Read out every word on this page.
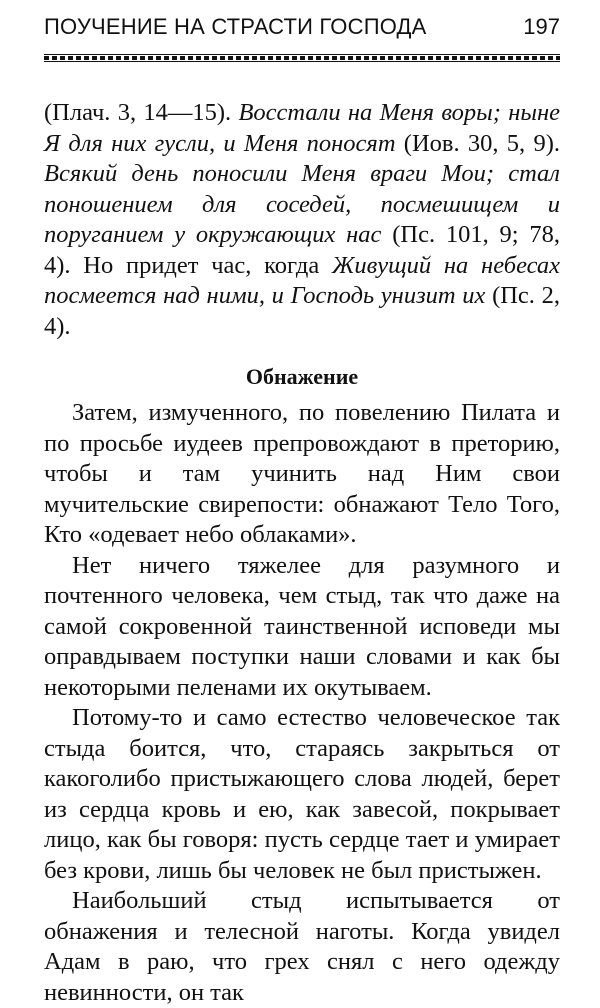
ПОУЧЕНИЕ НА СТРАСТИ ГОСПОДА	197
(Плач. 3, 14—15). Восстали на Меня воры; ныне Я для них гусли, и Меня поносят (Иов. 30, 5, 9). Всякий день поносили Меня враги Мои; стал поношением для соседей, посмешищем и поруганием у окружающих нас (Пс. 101, 9; 78, 4). Но придет час, когда Живущий на небесах посмеется над ними, и Господь унизит их (Пс. 2, 4).
Обнажение

Затем, измученного, по повелению Пилата и по просьбе иудеев препровождают в преторию, чтобы и там учинить над Ним свои мучительские свирепости: обнажают Тело Того, Кто «одевает небо облаками».

Нет ничего тяжелее для разумного и почтенного человека, чем стыд, так что даже на самой сокровенной таинственной исповеди мы оправдываем поступки наши словами и как бы некоторыми пеленами их окутываем.

Потому-то и само естество человеческое так стыда боится, что, стараясь закрыться от какоголибо пристыжающего слова людей, берет из сердца кровь и ею, как завесой, покрывает лицо, как бы говоря: пусть сердце тает и умирает без крови, лишь бы человек не был пристыжен.

Наибольший стыд испытывается от обнажения и телесной наготы. Когда увидел Адам в раю, что грех снял с него одежду невинности, он так
